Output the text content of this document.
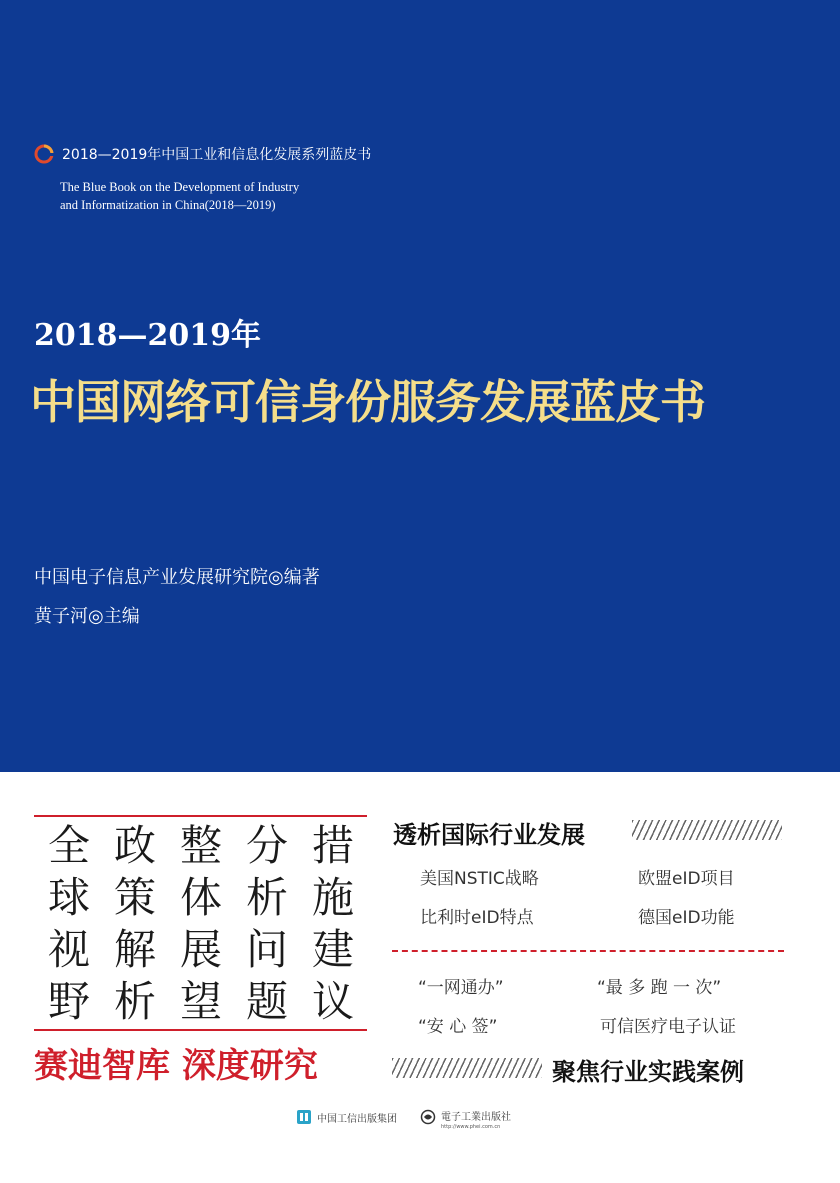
2018—2019年中国工业和信息化发展系列蓝皮书
The Blue Book on the Development of Industry
and Informatization in China(2018—2019)
2018—2019年
中国网络可信身份服务发展蓝皮书
中国电子信息产业发展研究院◎编著
黄子河◎主编
全 政 整 分 措
球 策 体 析 施
视 解 展 问 建
野 析 望 题 议
赛迪智库 深度研究
透析国际行业发展
美国NSTIC战略	欧盟eID项目
比利时eID特点	德国eID功能
“一网通办”	“最 多 跑 一 次”
“安 心 签”	可信医疗电子认证
聚焦行业实践案例
中国工信出版集团	電子工業出版社
http://www.phei.com.cn
